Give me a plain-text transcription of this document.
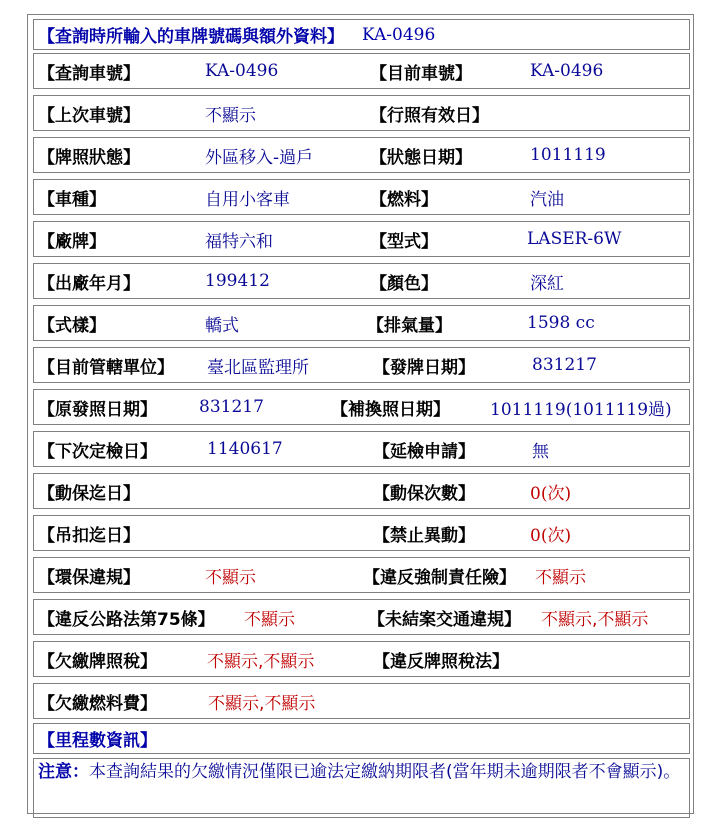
【查詢時所輸入的車牌號碼與額外資料】 KA-0496
【查詢車號】	KA-0496	【目前車號】	KA-0496
【上次車號】	不顯示	【行照有效日】
【牌照狀態】	外區移入-過戶	【狀態日期】	1011119
【車種】	自用小客車	【燃料】	汽油
【廠牌】	福特六和	【型式】	LASER-6W
【出廠年月】	199412	【顏色】	深紅
【式樣】	轎式	【排氣量】	1598 cc
【目前管轄單位】 臺北區監理所	【發牌日期】	831217
【原發照日期】 831217	【補換照日期】 1011119(1011119過)
【下次定檢日】	1140617	【延檢申請】	無
【動保迄日】	【動保次數】	0(次)
【吊扣迄日】	【禁止異動】	0(次)
【環保違規】	不顯示	【違反強制責任險】 不顯示
【違反公路法第75條】 不顯示	【未結案交通違規】 不顯示,不顯示
【欠繳牌照稅】	不顯示,不顯示	【違反牌照稅法】
【欠繳燃料費】	不顯示,不顯示
【里程數資訊】
注意：本查詢結果的欠繳情況僅限已逾法定繳納期限者(當年期未逾期限者不會顯示)。
